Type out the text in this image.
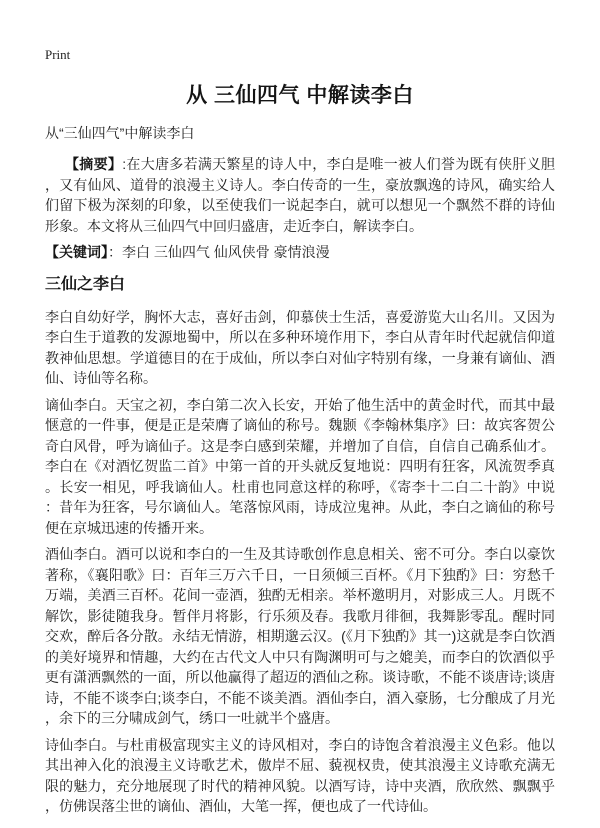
Print
从 三仙四气 中解读李白
从“三仙四气”中解读李白

【摘要】:在大唐多若满天繁星的诗人中，李白是唯一被人们誉为既有侠肝义胆，又有仙风、道骨的浪漫主义诗人。李白传奇的一生，豪放飘逸的诗风，确实给人们留下极为深刻的印象，以至使我们一说起李白，就可以想见一个飘然不群的诗仙形象。本文将从三仙四气中回归盛唐，走近李白，解读李白。

【关键词】：李白 三仙四气 仙风侠骨 豪情浪漫

三仙之李白

李白自幼好学，胸怀大志，喜好击剑，仰慕侠士生活，喜爱游览大山名川。又因为李白生于道教的发源地蜀中，所以在多种环境作用下，李白从青年时代起就信仰道教神仙思想。学道德目的在于成仙，所以李白对仙字特别有缘，一身兼有谪仙、酒仙、诗仙等名称。

谪仙李白。天宝之初，李白第二次入长安，开始了他生活中的黄金时代，而其中最惬意的一件事，便是正是荣膺了谪仙的称号。魏颢《李翰林集序》曰：故宾客贺公奇白风骨，呼为谪仙子。这是李白感到荣耀，并增加了自信，自信自己确系仙才。李白在《对酒忆贺监二首》中第一首的开头就反复地说：四明有狂客，风流贺季真。长安一相见，呼我谪仙人。杜甫也同意这样的称呼，《寄李十二白二十韵》中说：昔年为狂客，号尔谪仙人。笔落惊风雨，诗成泣鬼神。从此，李白之谪仙的称号便在京城迅速的传播开来。

酒仙李白。酒可以说和李白的一生及其诗歌创作息息相关、密不可分。李白以豪饮著称，《襄阳歌》曰：百年三万六千日，一日须倾三百杯。《月下独酌》曰：穷愁千万端，美酒三百杯。花间一壶酒，独酌无相亲。举杯邀明月，对影成三人。月既不解饮，影徒随我身。暂伴月将影，行乐须及春。我歌月徘徊，我舞影零乱。醒时同交欢，醉后各分散。永结无情游，相期邈云汉。(《月下独酌》其一)这就是李白饮酒的美好境界和情趣，大约在古代文人中只有陶渊明可与之媲美，而李白的饮酒似乎更有潇洒飘然的一面，所以他赢得了超迈的酒仙之称。谈诗歌，不能不谈唐诗;谈唐诗，不能不谈李白;谈李白，不能不谈美酒。酒仙李白，酒入豪肠，七分酿成了月光，余下的三分啸成剑气，绣口一吐就半个盛唐。

诗仙李白。与杜甫极富现实主义的诗风相对，李白的诗饱含着浪漫主义色彩。他以其出神入化的浪漫主义诗歌艺术，傲岸不屈、藐视权贵，使其浪漫主义诗歌充满无限的魅力，充分地展现了时代的精神风貌。以酒写诗，诗中夹酒，欣欣然、飘飘乎，仿佛误落尘世的谪仙、酒仙，大笔一挥，便也成了一代诗仙。
